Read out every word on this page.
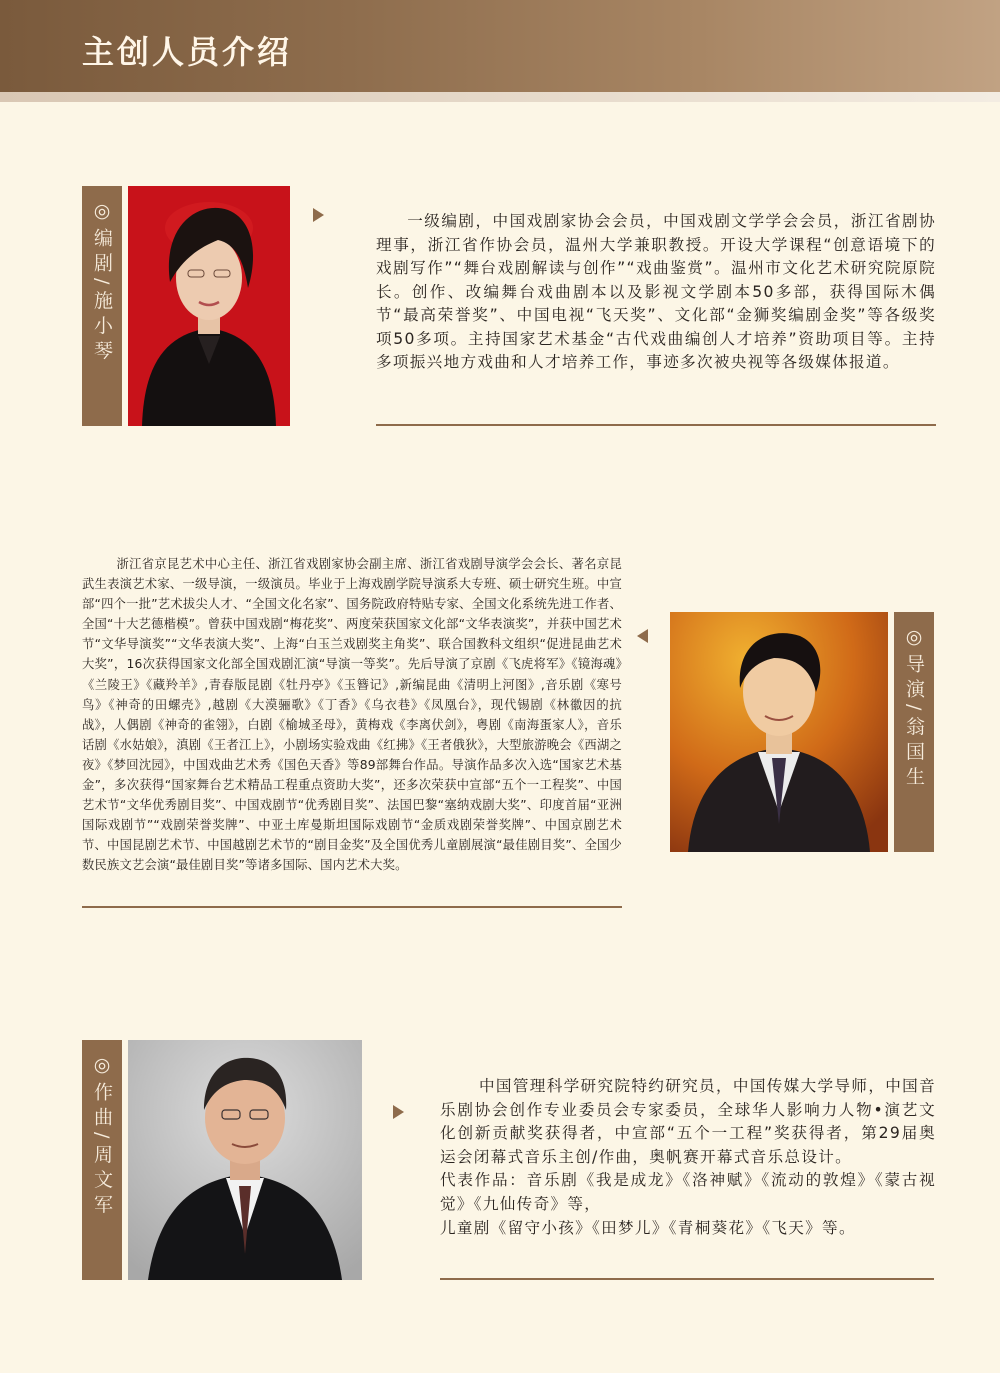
主创人员介绍
◎编剧/施小琴	一级编剧，中国戏剧家协会会员，中国戏剧文学学会会员，浙江省剧协理事，浙江省作协会员，温州大学兼职教授。开设大学课程“创意语境下的戏剧写作”“舞台戏剧解读与创作”“戏曲鉴赏”。温州市文化艺术研究院原院长。创作、改编舞台戏曲剧本以及影视文学剧本50多部，获得国际木偶节“最高荣誉奖”、中国电视“飞天奖”、文化部“金狮奖编剧金奖”等各级奖项50多项。主持国家艺术基金“古代戏曲编创人才培养”资助项目等。主持多项振兴地方戏曲和人才培养工作，事迹多次被央视等各级媒体报道。
浙江省京昆艺术中心主任、浙江省戏剧家协会副主席、浙江省戏剧导演学会会长、著名京昆武生表演艺术家、一级导演，一级演员。毕业于上海戏剧学院导演系大专班、硕士研究生班。中宣部“四个一批”艺术拔尖人才、“全国文化名家”、国务院政府特贴专家、全国文化系统先进工作者、全国“十大艺德楷模”。曾获中国戏剧“梅花奖”、两度荣获国家文化部“文华表演奖”，并获中国艺术节“文华导演奖”“文华表演大奖”、上海“白玉兰戏剧奖主角奖”、联合国教科文组织“促进昆曲艺术大奖”，16次获得国家文化部全国戏剧汇演“导演一等奖”。先后导演了京剧《飞虎将军》《镜海魂》《兰陵王》《藏羚羊》,青春版昆剧《牡丹亭》《玉簪记》,新编昆曲《清明上河图》,音乐剧《寒号鸟》《神奇的田螺壳》,越剧《大漠骊歌》《丁香》《乌衣巷》《凤凰台》，现代锡剧《林徽因的抗战》，人偶剧《神奇的雀翎》，白剧《榆城圣母》，黄梅戏《李离伏剑》，粤剧《南海蛋家人》，音乐话剧《水姑娘》，滇剧《王者江上》，小剧场实验戏曲《红拂》《王者俄狄》，大型旅游晚会《西湖之夜》《梦回沈园》，中国戏曲艺术秀《国色天香》等89部舞台作品。导演作品多次入选“国家艺术基金”，多次获得“国家舞台艺术精品工程重点资助大奖”，还多次荣获中宣部“五个一工程奖”、中国艺术节“文华优秀剧目奖”、中国戏剧节“优秀剧目奖”、法国巴黎“塞纳戏剧大奖”、印度首届“亚洲国际戏剧节”“戏剧荣誉奖牌”、中亚土库曼斯坦国际戏剧节“金质戏剧荣誉奖牌”、中国京剧艺术节、中国昆剧艺术节、中国越剧艺术节的“剧目金奖”及全国优秀儿童剧展演“最佳剧目奖”、全国少数民族文艺会演“最佳剧目奖”等诸多国际、国内艺术大奖。
◎导演/翁国生
◎作曲/周文军	中国管理科学研究院特约研究员，中国传媒大学导师，中国音乐剧协会创作专业委员会专家委员，全球华人影响力人物•演艺文化创新贡献奖获得者，中宣部“五个一工程”奖获得者，第29届奥运会闭幕式音乐主创/作曲，奥帆赛开幕式音乐总设计。
代表作品：音乐剧《我是成龙》《洛神赋》《流动的敦煌》《蒙古视觉》《九仙传奇》等，
儿童剧《留守小孩》《田梦儿》《青桐葵花》《飞天》等。
